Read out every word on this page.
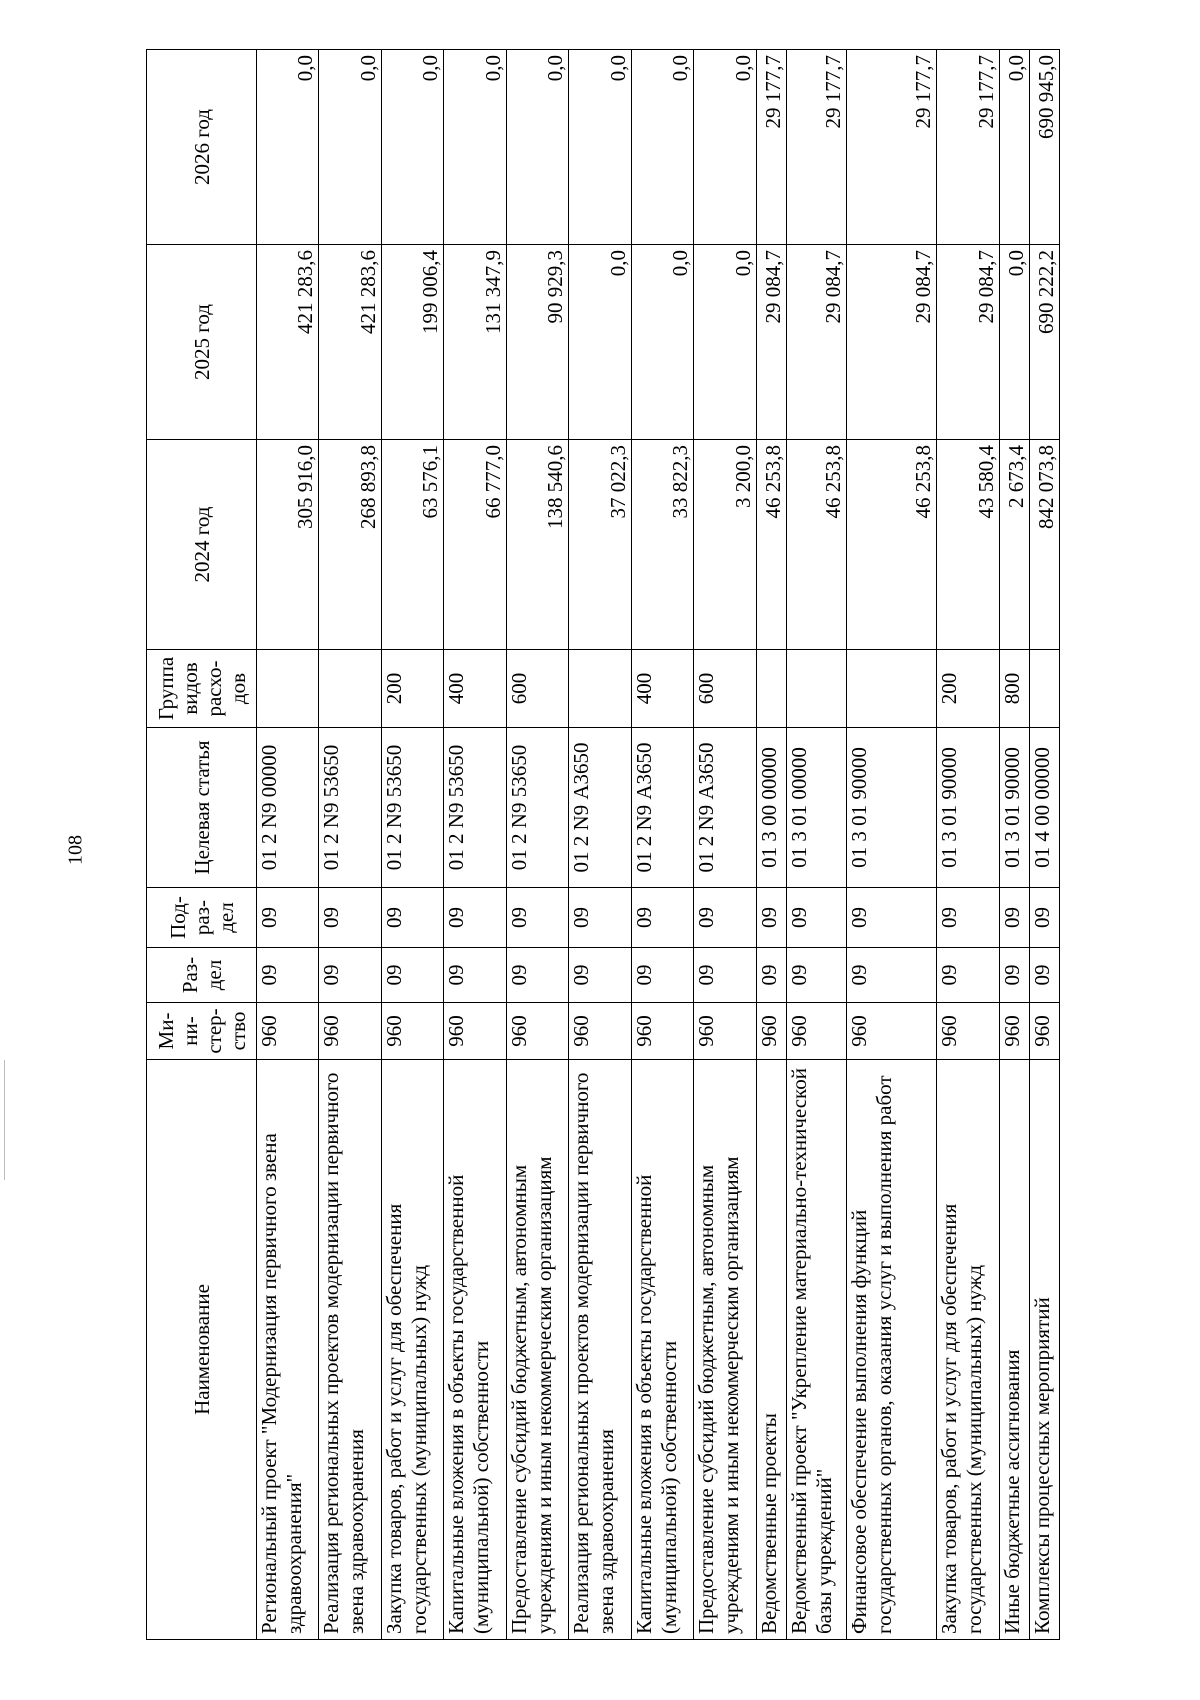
108
Наименование	Ми-
ни-
стер-
ство	Раз-
дел	Под-
раз-
дел	Целевая статья	Группа
видов
расхо-
дов	2024 год	2025 год	2026 год
Региональный проект "Модернизация первичного звена здравоохранения"	960	09	09	01 2 N9 00000		305 916,0	421 283,6	0,0
Реализация региональных проектов модернизации первичного звена здравоохранения	960	09	09	01 2 N9 53650		268 893,8	421 283,6	0,0
Закупка товаров, работ и услуг для обеспечения государственных (муниципальных) нужд	960	09	09	01 2 N9 53650	200	63 576,1	199 006,4	0,0
Капитальные вложения в объекты государственной (муниципальной) собственности	960	09	09	01 2 N9 53650	400	66 777,0	131 347,9	0,0
Предоставление субсидий бюджетным, автономным учреждениям и иным некоммерческим организациям	960	09	09	01 2 N9 53650	600	138 540,6	90 929,3	0,0
Реализация региональных проектов модернизации первичного звена здравоохранения	960	09	09	01 2 N9 А3650		37 022,3	0,0	0,0
Капитальные вложения в объекты государственной (муниципальной) собственности	960	09	09	01 2 N9 А3650	400	33 822,3	0,0	0,0
Предоставление субсидий бюджетным, автономным учреждениям и иным некоммерческим организациям	960	09	09	01 2 N9 А3650	600	3 200,0	0,0	0,0
Ведомственные проекты	960	09	09	01 3 00 00000		46 253,8	29 084,7	29 177,7
Ведомственный проект "Укрепление материально-технической базы учреждений"	960	09	09	01 3 01 00000		46 253,8	29 084,7	29 177,7
Финансовое обеспечение выполнения функций государственных органов, оказания услуг и выполнения работ	960	09	09	01 3 01 90000		46 253,8	29 084,7	29 177,7
Закупка товаров, работ и услуг для обеспечения государственных (муниципальных) нужд	960	09	09	01 3 01 90000	200	43 580,4	29 084,7	29 177,7
Иные бюджетные ассигнования	960	09	09	01 3 01 90000	800	2 673,4	0,0	0,0
Комплексы процессных мероприятий	960	09	09	01 4 00 00000		842 073,8	690 222,2	690 945,0
